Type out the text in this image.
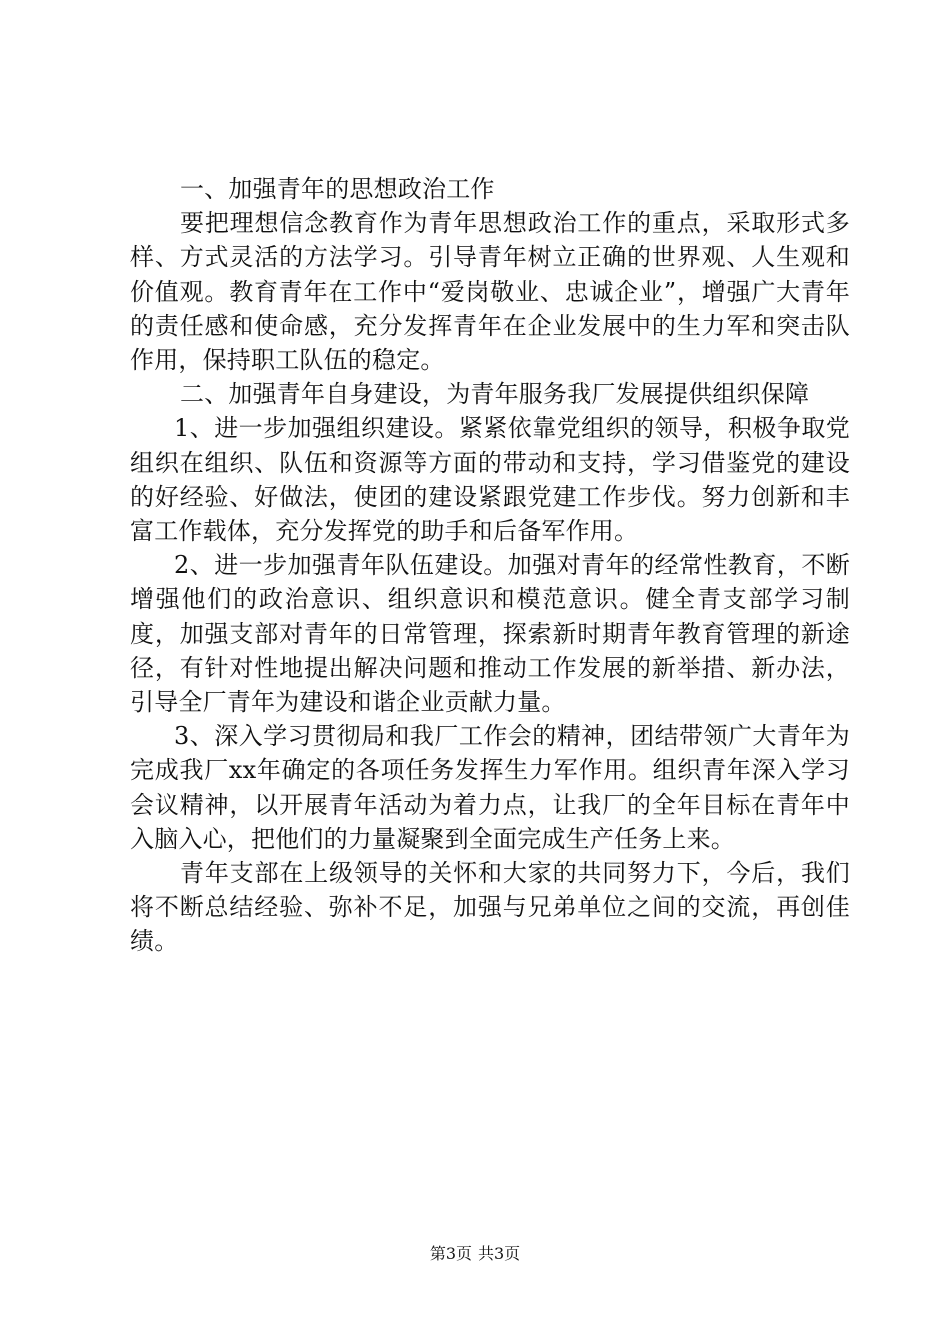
一、加强青年的思想政治工作

要把理想信念教育作为青年思想政治工作的重点，采取形式多样、方式灵活的方法学习。引导青年树立正确的世界观、人生观和价值观。教育青年在工作中“爱岗敬业、忠诚企业”，增强广大青年的责任感和使命感，充分发挥青年在企业发展中的生力军和突击队作用，保持职工队伍的稳定。

二、加强青年自身建设，为青年服务我厂发展提供组织保障

1、进一步加强组织建设。紧紧依靠党组织的领导，积极争取党组织在组织、队伍和资源等方面的带动和支持，学习借鉴党的建设的好经验、好做法，使团的建设紧跟党建工作步伐。努力创新和丰富工作载体，充分发挥党的助手和后备军作用。

2、进一步加强青年队伍建设。加强对青年的经常性教育，不断增强他们的政治意识、组织意识和模范意识。健全青支部学习制度，加强支部对青年的日常管理，探索新时期青年教育管理的新途径，有针对性地提出解决问题和推动工作发展的新举措、新办法，引导全厂青年为建设和谐企业贡献力量。

3、深入学习贯彻局和我厂工作会的精神，团结带领广大青年为完成我厂xx年确定的各项任务发挥生力军作用。组织青年深入学习会议精神，以开展青年活动为着力点，让我厂的全年目标在青年中入脑入心，把他们的力量凝聚到全面完成生产任务上来。

青年支部在上级领导的关怀和大家的共同努力下，今后，我们将不断总结经验、弥补不足，加强与兄弟单位之间的交流，再创佳绩。

第3页 共3页
